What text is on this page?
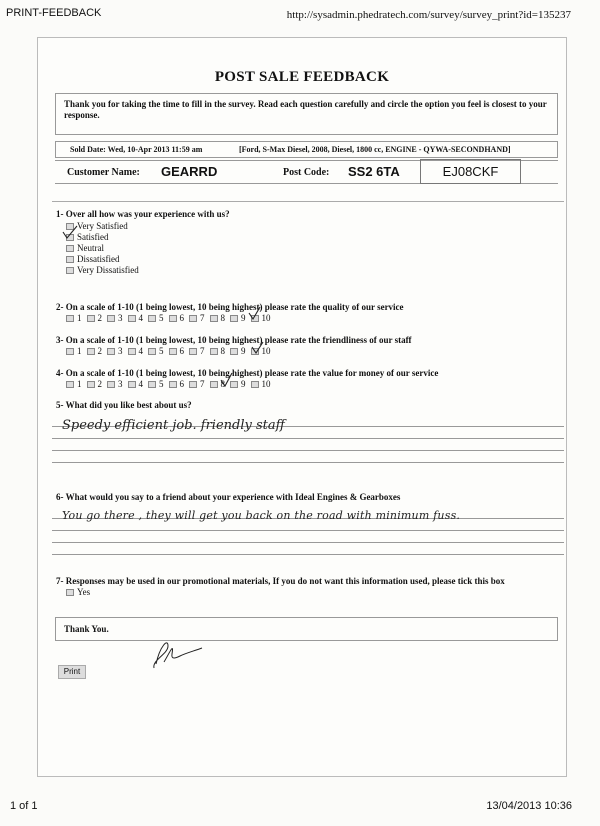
PRINT-FEEDBACK	http://sysadmin.phedratech.com/survey/survey_print?id=135237
POST SALE FEEDBACK
Thank you for taking the time to fill in the survey. Read each question carefully and circle the option you feel is closest to your response.
Sold Date: Wed, 10-Apr 2013 11:59 am	[Ford, S-Max Diesel, 2008, Diesel, 1800 cc, ENGINE - QYWA-SECONDHAND]
Customer Name: GEARRD	Post Code: SS2 6TA	EJ08CKF
1- Over all how was your experience with us?
Very Satisfied
Satisfied
Neutral
Dissatisfied
Very Dissatisfied
2- On a scale of 1-10 (1 being lowest, 10 being highest) please rate the quality of our service
1 2 3 4 5 6 7 8 9 10
3- On a scale of 1-10 (1 being lowest, 10 being highest) please rate the friendliness of our staff
1 2 3 4 5 6 7 8 9 10
4- On a scale of 1-10 (1 being lowest, 10 being highest) please rate the value for money of our service
1 2 3 4 5 6 7 8 9 10
5- What did you like best about us?
Speedy efficient job. friendly staff
6- What would you say to a friend about your experience with Ideal Engines & Gearboxes
You go there , they will get you back on the road with minimum fuss.
7- Responses may be used in our promotional materials, If you do not want this information used, please tick this box
Yes
Thank You.
Print
1 of 1	13/04/2013 10:36
